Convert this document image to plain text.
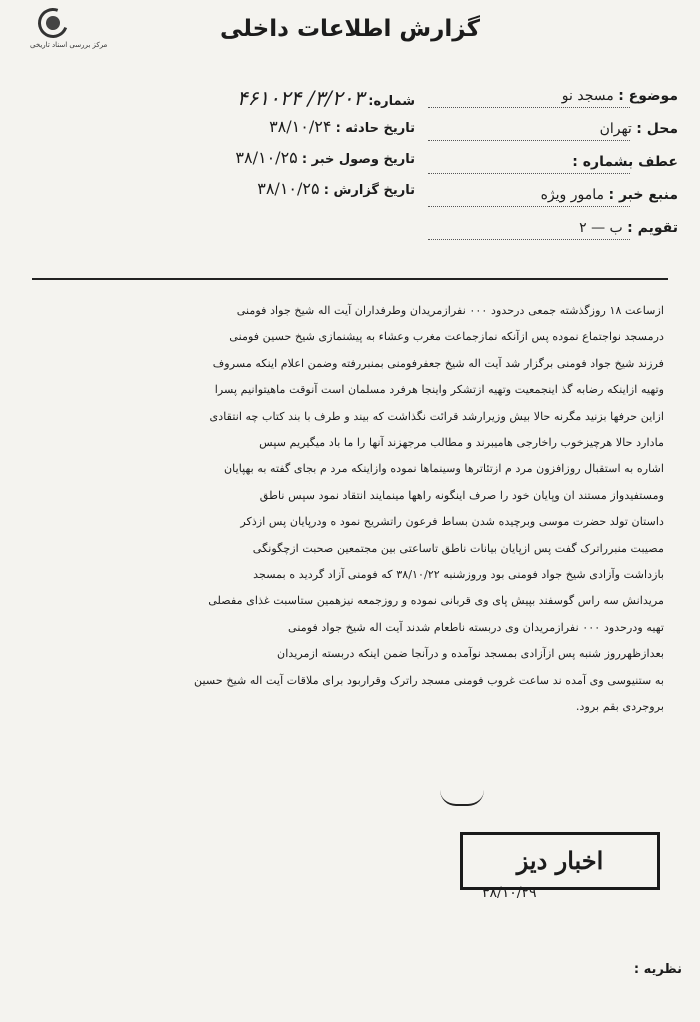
مرکز بررسی اسناد تاریخی
گزارش اطلاعات داخلی
موضوع : مسجد نو
محل : تهران
عطف بشماره :
منبع خبر : مامور ویژه
تقویم : ب — ۲
شماره: ۳/۲۰۳/ ۴۶۱۰۲۴
تاریخ حادثه : ۳۸/۱۰/۲۴
تاریخ وصول خبر : ۳۸/۱۰/۲۵
تاریخ گزارش : ۳۸/۱۰/۲۵

ازساعت ۱۸ روزگذشته جمعی درحدود ۰۰۰ نفرازمریدان وطرفداران آیت اله شیخ جواد فومنی

درمسجد نواجتماع نموده پس ازآنکه نمازجماعت مغرب وعشاء به پیشنمازی شیخ حسین فومنی

فرزند شیخ جواد فومنی برگزار شد آیت اله شیخ جعفرفومنی بمنبررفته وضمن اعلام اینکه مسروف

وتهیه ازاینکه رضابه گذ اینجمعیت وتهیه ازتشکر واینجا هرفرد مسلمان است آنوقت ماهیتوانیم پسرا

ازاین حرفها بزنید مگرنه حالا بیش وزیرارشد قرائت نگذاشت که بیند و طرف با بند کتاب چه انتقادی

مادارد حالا هرچیزخوب راخارجی هامیبرند و مطالب مرجهزند آنها را ما باد میگیریم سپس

اشاره به استقبال روزافزون مرد م ازتئاترها وسینماها نموده وازاینکه مرد م بجای گفته به بهپایان

ومستفیدواز مستند ان وپایان خود را صرف اینگونه راهها مینمایند انتقاد نمود سپس ناطق

داستان تولد حضرت موسی وبرچیده شدن بساط فرعون راتشریح نمود ه ودرپایان پس ازذکر

مصیبت منبرراترک گفت پس ازپایان بیانات ناطق تاساعتی بین مجتمعین صحبت ازچگونگی

بازداشت وآزادی شیخ جواد فومنی بود وروزشنبه ۳۸/۱۰/۲۲ که فومنی آزاد گردید ه بمسجد

مریدانش سه راس گوسفند بپیش پای وی قربانی نموده و روزجمعه نیزهمین ستاسبت غذای مفصلی

تهیه ودرحدود ۰۰۰ نفرازمریدان وی دربسته ناطعام شدند آیت اله شیخ جواد فومنی

بعدازظهرروز شنبه پس ازآزادی بمسجد نوآمده و درآنجا ضمن اینکه دربسته ازمریدان

به ستنیوسی وی آمده ند ساعت غروب فومنی مسجد راترک وقراربود برای ملاقات آیت اله شیخ حسین

بروجردی بقم برود.

اخبار دیز
۳۸/۱۰/۲۹
نظریه :
